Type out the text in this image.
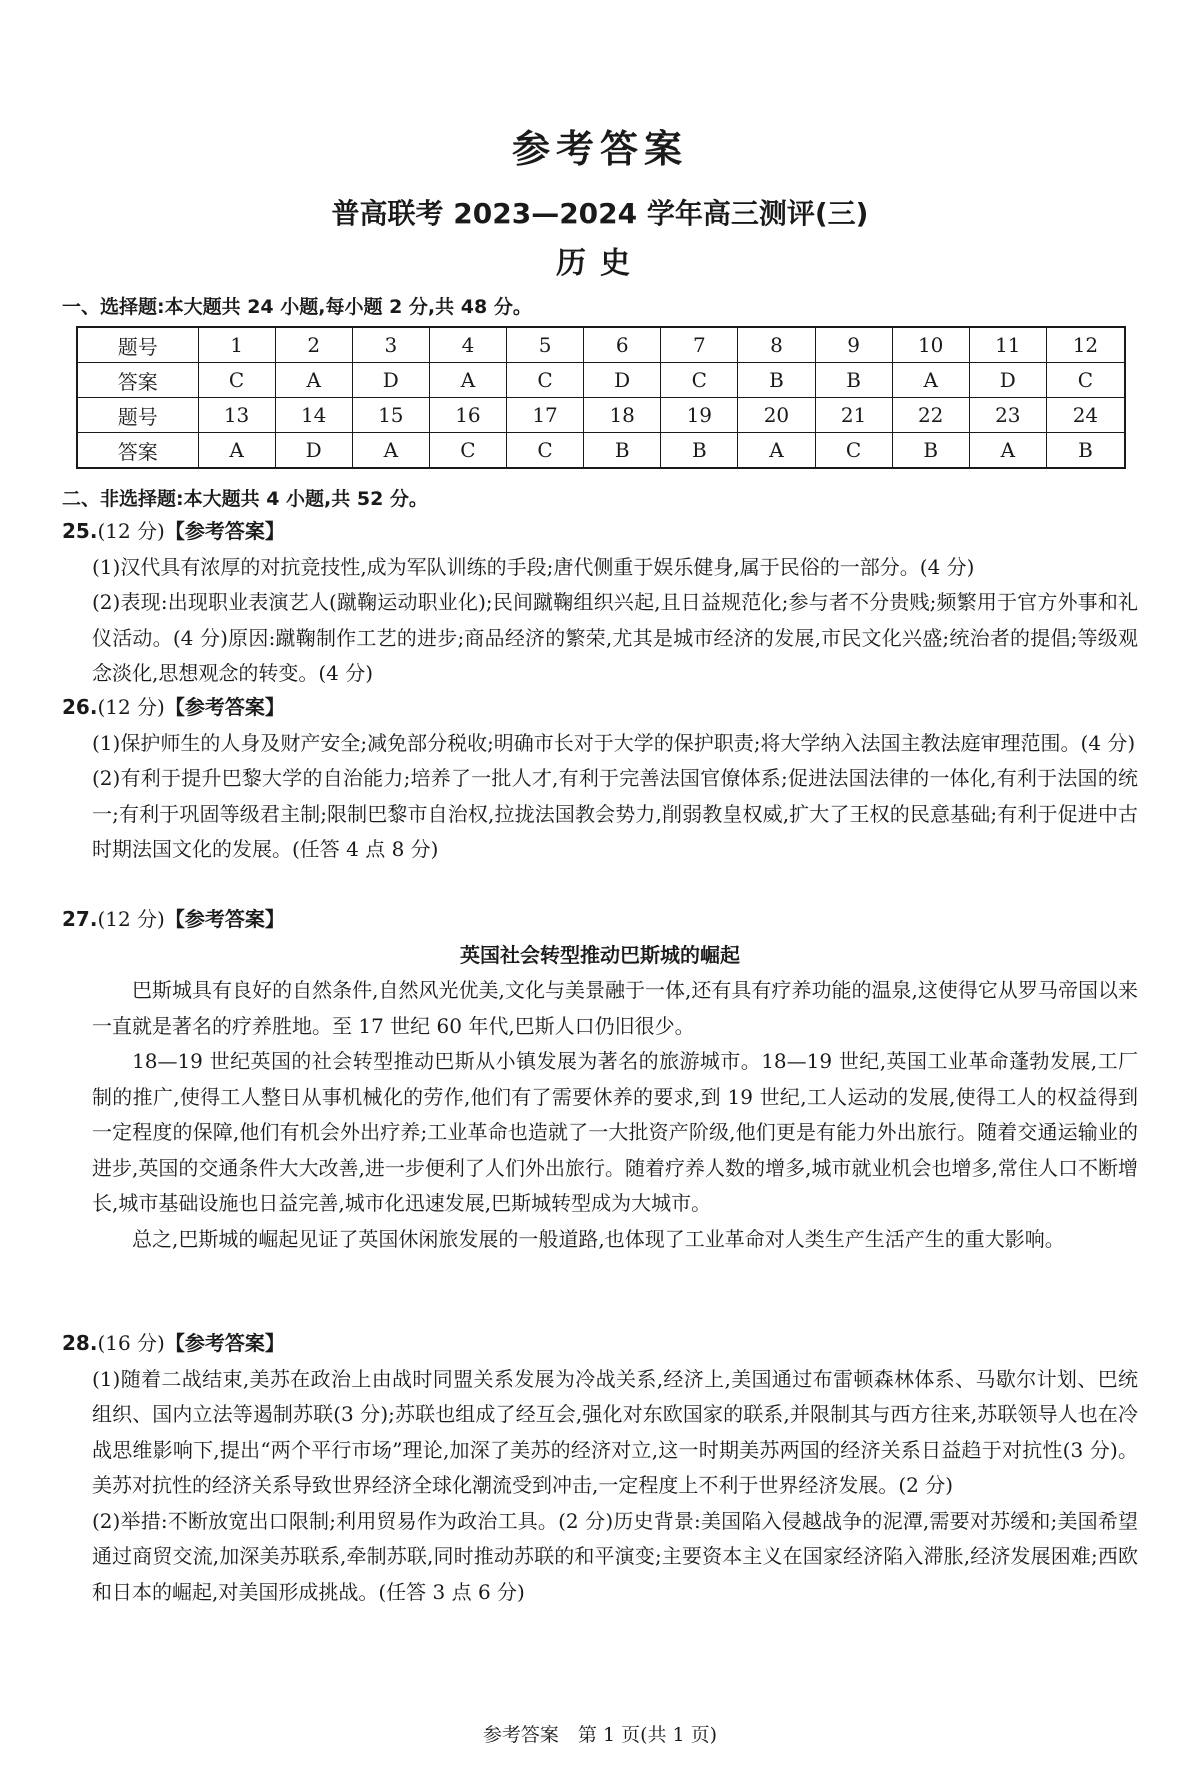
参考答案
普高联考 2023—2024 学年高三测评(三)
历史
一、选择题:本大题共 24 小题,每小题 2 分,共 48 分。
题号	1	2	3	4	5	6	7	8	9	10	11	12
答案	C	A	D	A	C	D	C	B	B	A	D	C
题号	13	14	15	16	17	18	19	20	21	22	23	24
答案	A	D	A	C	C	B	B	A	C	B	A	B
二、非选择题:本大题共 4 小题,共 52 分。
25.(12 分)【参考答案】
(1)汉代具有浓厚的对抗竞技性,成为军队训练的手段;唐代侧重于娱乐健身,属于民俗的一部分。(4 分)
(2)表现:出现职业表演艺人(蹴鞠运动职业化);民间蹴鞠组织兴起,且日益规范化;参与者不分贵贱;频繁用于官方外事和礼仪活动。(4 分)原因:蹴鞠制作工艺的进步;商品经济的繁荣,尤其是城市经济的发展,市民文化兴盛;统治者的提倡;等级观念淡化,思想观念的转变。(4 分)
26.(12 分)【参考答案】
(1)保护师生的人身及财产安全;减免部分税收;明确市长对于大学的保护职责;将大学纳入法国主教法庭审理范围。(4 分)
(2)有利于提升巴黎大学的自治能力;培养了一批人才,有利于完善法国官僚体系;促进法国法律的一体化,有利于法国的统一;有利于巩固等级君主制;限制巴黎市自治权,拉拢法国教会势力,削弱教皇权威,扩大了王权的民意基础;有利于促进中古时期法国文化的发展。(任答 4 点 8 分)
27.(12 分)【参考答案】
英国社会转型推动巴斯城的崛起
巴斯城具有良好的自然条件,自然风光优美,文化与美景融于一体,还有具有疗养功能的温泉,这使得它从罗马帝国以来一直就是著名的疗养胜地。至 17 世纪 60 年代,巴斯人口仍旧很少。
18—19 世纪英国的社会转型推动巴斯从小镇发展为著名的旅游城市。18—19 世纪,英国工业革命蓬勃发展,工厂制的推广,使得工人整日从事机械化的劳作,他们有了需要休养的要求,到 19 世纪,工人运动的发展,使得工人的权益得到一定程度的保障,他们有机会外出疗养;工业革命也造就了一大批资产阶级,他们更是有能力外出旅行。随着交通运输业的进步,英国的交通条件大大改善,进一步便利了人们外出旅行。随着疗养人数的增多,城市就业机会也增多,常住人口不断增长,城市基础设施也日益完善,城市化迅速发展,巴斯城转型成为大城市。
总之,巴斯城的崛起见证了英国休闲旅发展的一般道路,也体现了工业革命对人类生产生活产生的重大影响。
28.(16 分)【参考答案】
(1)随着二战结束,美苏在政治上由战时同盟关系发展为冷战关系,经济上,美国通过布雷顿森林体系、马歇尔计划、巴统组织、国内立法等遏制苏联(3 分);苏联也组成了经互会,强化对东欧国家的联系,并限制其与西方往来,苏联领导人也在冷战思维影响下,提出“两个平行市场”理论,加深了美苏的经济对立,这一时期美苏两国的经济关系日益趋于对抗性(3 分)。美苏对抗性的经济关系导致世界经济全球化潮流受到冲击,一定程度上不利于世界经济发展。(2 分)
(2)举措:不断放宽出口限制;利用贸易作为政治工具。(2 分)历史背景:美国陷入侵越战争的泥潭,需要对苏缓和;美国希望通过商贸交流,加深美苏联系,牵制苏联,同时推动苏联的和平演变;主要资本主义在国家经济陷入滞胀,经济发展困难;西欧和日本的崛起,对美国形成挑战。(任答 3 点 6 分)
参考答案　第 1 页(共 1 页)
